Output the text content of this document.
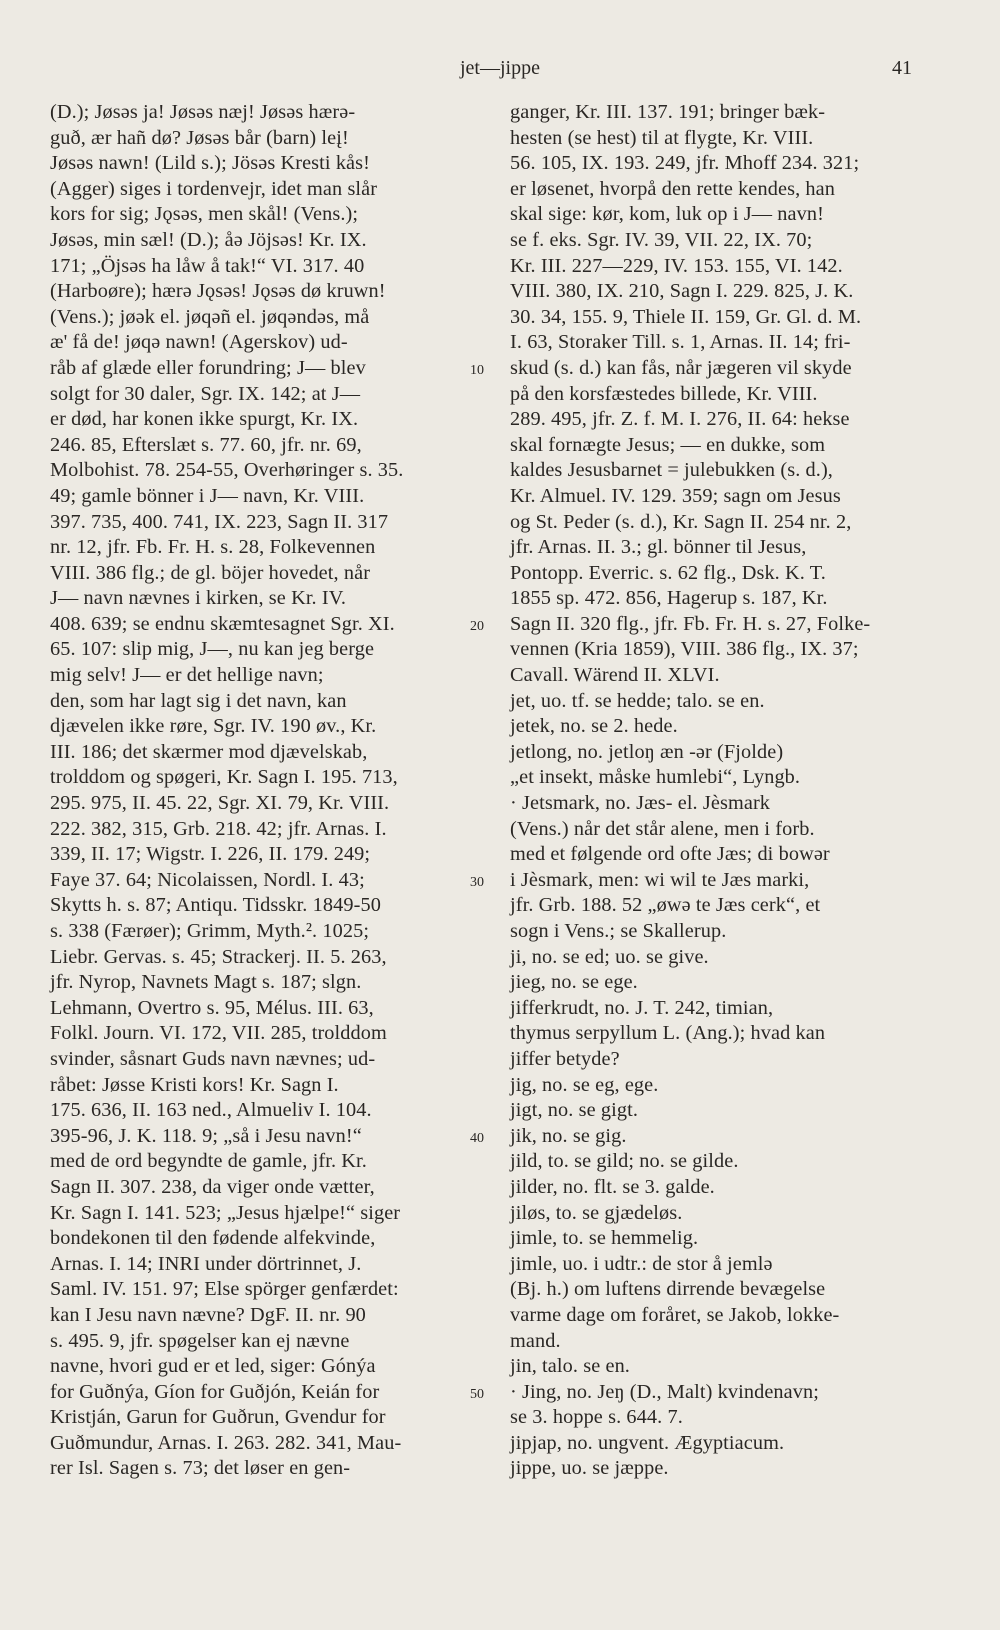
jet—jippe	41
(D.); Jøsəs ja! Jøsəs næj! Jøsəs hærə-
guð, ær hañ dø? Jøsəs bår (barn) leį!
Jøsəs nawn! (Lild s.); Jösəs Kresti kås!
(Agger) siges i tordenvejr, idet man slår
kors for sig; Jǫsəs, men skål! (Vens.);
Jøsəs, min sæl! (D.); åə Jöjsəs! Kr. IX.
171; „Öjsəs ha låw å tak!“ VI. 317. 40
(Harboøre); hærə Jǫsəs! Jǫsəs dø kruwn!
(Vens.); jøək el. jøqəñ el. jøqəndəs, må
æ' få de! jøqə nawn! (Agerskov) ud-
råb af glæde eller forundring; J— blev
solgt for 30 daler, Sgr. IX. 142; at J—
er død, har konen ikke spurgt, Kr. IX.
246. 85, Efterslæt s. 77. 60, jfr. nr. 69,
Molbohist. 78. 254-55, Overhøringer s. 35.
49; gamle bönner i J— navn, Kr. VIII.
397. 735, 400. 741, IX. 223, Sagn II. 317
nr. 12, jfr. Fb. Fr. H. s. 28, Folkevennen
VIII. 386 flg.; de gl. böjer hovedet, når
J— navn nævnes i kirken, se Kr. IV.
408. 639; se endnu skæmtesagnet Sgr. XI.
65. 107: slip mig, J—, nu kan jeg berge
mig selv! J— er det hellige navn;
den, som har lagt sig i det navn, kan
djævelen ikke røre, Sgr. IV. 190 øv., Kr.
III. 186; det skærmer mod djævelskab,
trolddom og spøgeri, Kr. Sagn I. 195. 713,
295. 975, II. 45. 22, Sgr. XI. 79, Kr. VIII.
222. 382, 315, Grb. 218. 42; jfr. Arnas. I.
339, II. 17; Wigstr. I. 226, II. 179. 249;
Faye 37. 64; Nicolaissen, Nordl. I. 43;
Skytts h. s. 87; Antiqu. Tidsskr. 1849-50
s. 338 (Færøer); Grimm, Myth.². 1025;
Liebr. Gervas. s. 45; Strackerj. II. 5. 263,
jfr. Nyrop, Navnets Magt s. 187; slgn.
Lehmann, Overtro s. 95, Mélus. III. 63,
Folkl. Journ. VI. 172, VII. 285, trolddom
svinder, såsnart Guds navn nævnes; ud-
råbet: Jøsse Kristi kors! Kr. Sagn I.
175. 636, II. 163 ned., Almueliv I. 104.
395-96, J. K. 118. 9; „så i Jesu navn!“
med de ord begyndte de gamle, jfr. Kr.
Sagn II. 307. 238, da viger onde vætter,
Kr. Sagn I. 141. 523; „Jesus hjælpe!“ siger
bondekonen til den fødende alfekvinde,
Arnas. I. 14; INRI under dörtrinnet, J.
Saml. IV. 151. 97; Else spörger genfærdet:
kan I Jesu navn nævne? DgF. II. nr. 90
s. 495. 9, jfr. spøgelser kan ej nævne
navne, hvori gud er et led, siger: Gónýa
for Guðnýa, Gíon for Guðjón, Keián for
Kristján, Garun for Guðrun, Gvendur for
Guðmundur, Arnas. I. 263. 282. 341, Mau-
rer Isl. Sagen s. 73; det løser en gen-
ganger, Kr. III. 137. 191; bringer bæk-
hesten (se hest) til at flygte, Kr. VIII.
56. 105, IX. 193. 249, jfr. Mhoff 234. 321;
er løsenet, hvorpå den rette kendes, han
skal sige: kør, kom, luk op i J— navn!
se f. eks. Sgr. IV. 39, VII. 22, IX. 70;
Kr. III. 227—229, IV. 153. 155, VI. 142.
VIII. 380, IX. 210, Sagn I. 229. 825, J. K.
30. 34, 155. 9, Thiele II. 159, Gr. Gl. d. M.
I. 63, Storaker Till. s. 1, Arnas. II. 14; fri-
skud (s. d.) kan fås, når jægeren vil skyde
på den korsfæstedes billede, Kr. VIII.
289. 495, jfr. Z. f. M. I. 276, II. 64: hekse
skal fornægte Jesus; — en dukke, som
kaldes Jesusbarnet = julebukken (s. d.),
Kr. Almuel. IV. 129. 359; sagn om Jesus
og St. Peder (s. d.), Kr. Sagn II. 254 nr. 2,
jfr. Arnas. II. 3.; gl. bönner til Jesus,
Pontopp. Everric. s. 62 flg., Dsk. K. T.
1855 sp. 472. 856, Hagerup s. 187, Kr.
Sagn II. 320 flg., jfr. Fb. Fr. H. s. 27, Folke-
vennen (Kria 1859), VIII. 386 flg., IX. 37;
Cavall. Wärend II. XLVI.
jet, uo. tf. se hedde; talo. se en.
jetek, no. se 2. hede.
jetlong, no. jetloŋ æn -ər (Fjolde)
„et insekt, måske humlebi“, Lyngb.
· Jetsmark, no. Jæs- el. Jèsmark
(Vens.) når det står alene, men i forb.
med et følgende ord ofte Jæs; di bowər
i Jèsmark, men: wi wil te Jæs marki,
jfr. Grb. 188. 52 „øwə te Jæs cerk“, et
sogn i Vens.; se Skallerup.
ji, no. se ed; uo. se give.
jieg, no. se ege.
jifferkrudt, no. J. T. 242, timian,
thymus serpyllum L. (Ang.); hvad kan
jiffer betyde?
jig, no. se eg, ege.
jigt, no. se gigt.
jik, no. se gig.
jild, to. se gild; no. se gilde.
jilder, no. flt. se 3. galde.
jiløs, to. se gjædeløs.
jimle, to. se hemmelig.
jimle, uo. i udtr.: de stor å jemlə
(Bj. h.) om luftens dirrende bevægelse
varme dage om foråret, se Jakob, lokke-
mand.
jin, talo. se en.
· Jing, no. Jeŋ (D., Malt) kvindenavn;
se 3. hoppe s. 644. 7.
jipjap, no. ungvent. Ægyptiacum.
jippe, uo. se jæppe.
10
20
30
40
50
